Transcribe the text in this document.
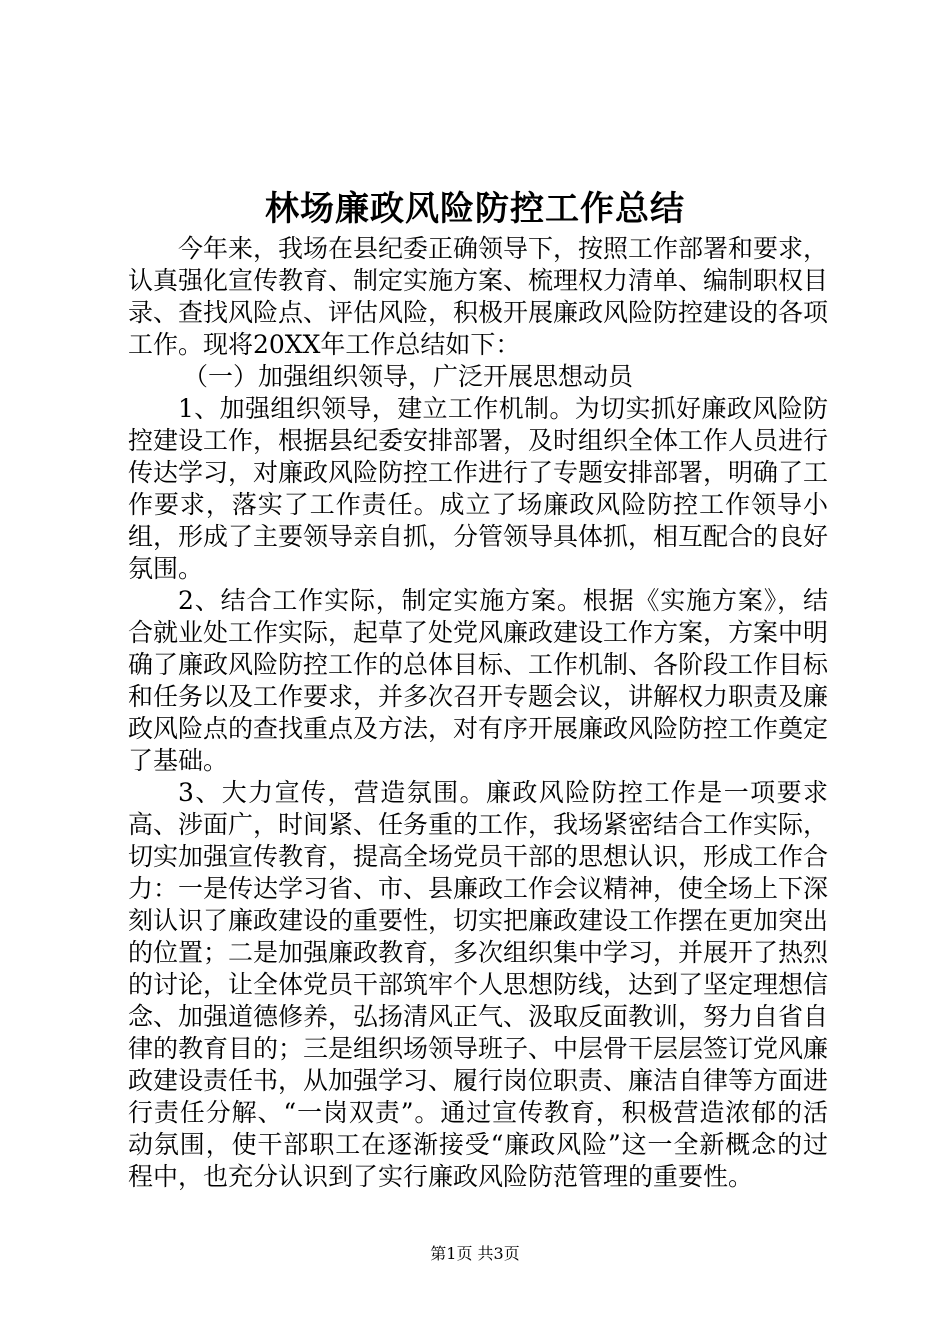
林场廉政风险防控工作总结

今年来，我场在县纪委正确领导下，按照工作部署和要求，认真强化宣传教育、制定实施方案、梳理权力清单、编制职权目录、查找风险点、评估风险，积极开展廉政风险防控建设的各项工作。现将20XX年工作总结如下：

（一）加强组织领导，广泛开展思想动员

1、加强组织领导，建立工作机制。为切实抓好廉政风险防控建设工作，根据县纪委安排部署，及时组织全体工作人员进行传达学习，对廉政风险防控工作进行了专题安排部署，明确了工作要求，落实了工作责任。成立了场廉政风险防控工作领导小组，形成了主要领导亲自抓，分管领导具体抓，相互配合的良好氛围。

2、结合工作实际，制定实施方案。根据《实施方案》，结合就业处工作实际，起草了处党风廉政建设工作方案，方案中明确了廉政风险防控工作的总体目标、工作机制、各阶段工作目标和任务以及工作要求，并多次召开专题会议，讲解权力职责及廉政风险点的查找重点及方法，对有序开展廉政风险防控工作奠定了基础。

3、大力宣传，营造氛围。廉政风险防控工作是一项要求高、涉面广，时间紧、任务重的工作，我场紧密结合工作实际，切实加强宣传教育，提高全场党员干部的思想认识，形成工作合力：一是传达学习省、市、县廉政工作会议精神，使全场上下深刻认识了廉政建设的重要性，切实把廉政建设工作摆在更加突出的位置；二是加强廉政教育，多次组织集中学习，并展开了热烈的讨论，让全体党员干部筑牢个人思想防线，达到了坚定理想信念、加强道德修养，弘扬清风正气、汲取反面教训，努力自省自律的教育目的；三是组织场领导班子、中层骨干层层签订党风廉政建设责任书，从加强学习、履行岗位职责、廉洁自律等方面进行责任分解、“一岗双责”。通过宣传教育，积极营造浓郁的活动氛围，使干部职工在逐渐接受“廉政风险”这一全新概念的过程中，也充分认识到了实行廉政风险防范管理的重要性。

第1页 共3页
